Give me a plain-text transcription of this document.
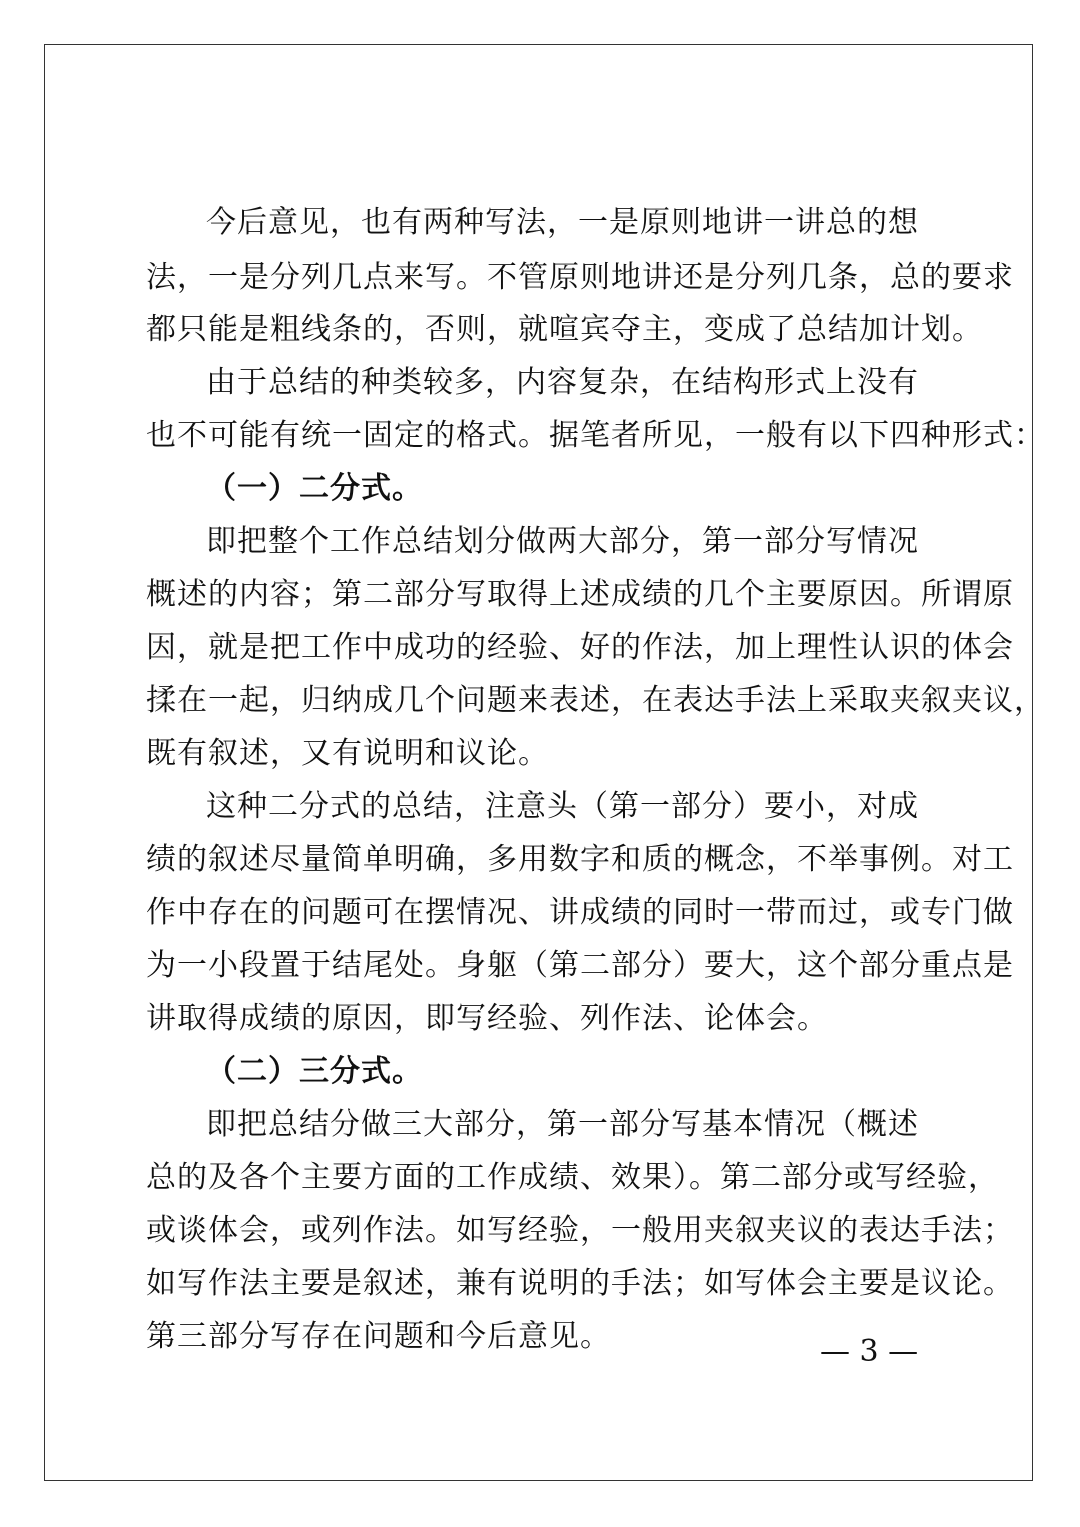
今后意见，也有两种写法，一是原则地讲一讲总的想

法，一是分列几点来写。不管原则地讲还是分列几条，总的要求

都只能是粗线条的，否则，就喧宾夺主，变成了总结加计划。

由于总结的种类较多，内容复杂，在结构形式上没有

也不可能有统一固定的格式。据笔者所见，一般有以下四种形式：

（一）二分式。

即把整个工作总结划分做两大部分，第一部分写情况

概述的内容；第二部分写取得上述成绩的几个主要原因。所谓原

因，就是把工作中成功的经验、好的作法，加上理性认识的体会

揉在一起，归纳成几个问题来表述，在表达手法上采取夹叙夹议，

既有叙述，又有说明和议论。

这种二分式的总结，注意头（第一部分）要小，对成

绩的叙述尽量简单明确，多用数字和质的概念，不举事例。对工

作中存在的问题可在摆情况、讲成绩的同时一带而过，或专门做

为一小段置于结尾处。身躯（第二部分）要大，这个部分重点是

讲取得成绩的原因，即写经验、列作法、论体会。

（二）三分式。

即把总结分做三大部分，第一部分写基本情况（概述

总的及各个主要方面的工作成绩、效果）。第二部分或写经验，

或谈体会，或列作法。如写经验，一般用夹叙夹议的表达手法；

如写作法主要是叙述，兼有说明的手法；如写体会主要是议论。

第三部分写存在问题和今后意见。	— 3 —
